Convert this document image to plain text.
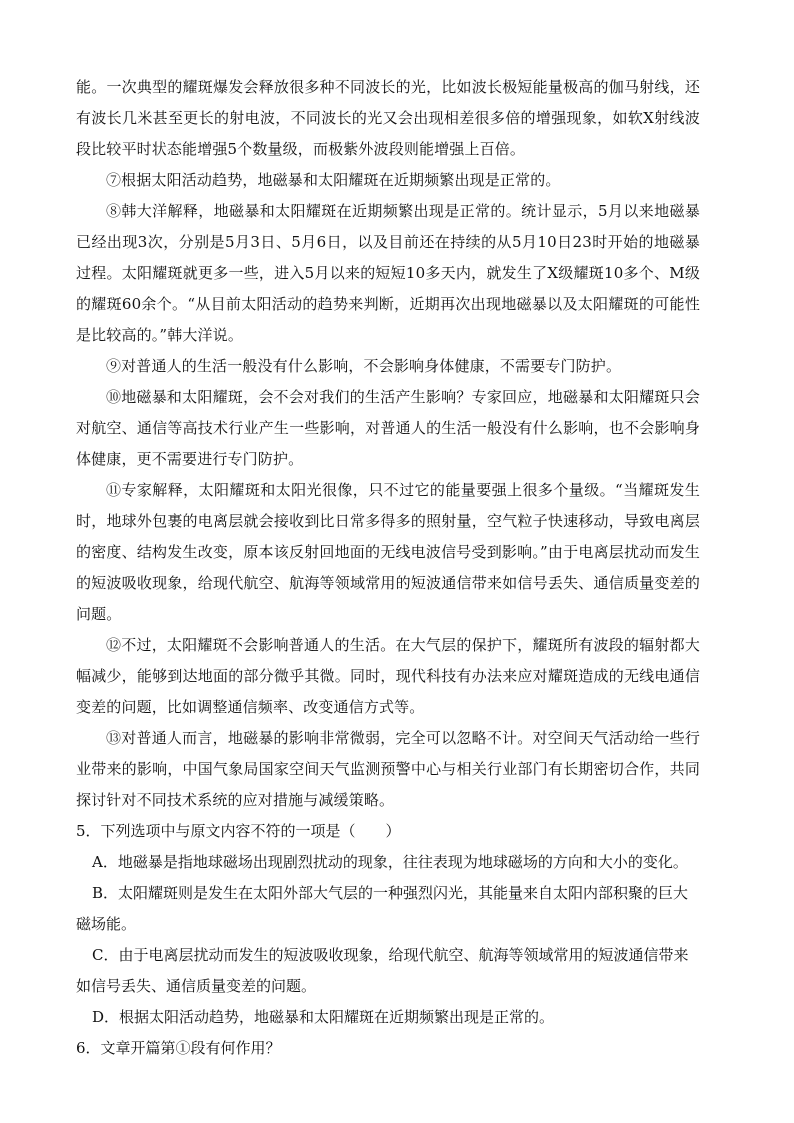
能。一次典型的耀斑爆发会释放很多种不同波长的光，比如波长极短能量极高的伽马射线，还有波长几米甚至更长的射电波，不同波长的光又会出现相差很多倍的增强现象，如软X射线波段比较平时状态能增强5个数量级，而极紫外波段则能增强上百倍。

⑦根据太阳活动趋势，地磁暴和太阳耀斑在近期频繁出现是正常的。

⑧韩大洋解释，地磁暴和太阳耀斑在近期频繁出现是正常的。统计显示，5月以来地磁暴已经出现3次，分别是5月3日、5月6日，以及目前还在持续的从5月10日23时开始的地磁暴过程。太阳耀斑就更多一些，进入5月以来的短短10多天内，就发生了X级耀斑10多个、M级的耀斑60余个。“从目前太阳活动的趋势来判断，近期再次出现地磁暴以及太阳耀斑的可能性是比较高的。”韩大洋说。

⑨对普通人的生活一般没有什么影响，不会影响身体健康，不需要专门防护。

⑩地磁暴和太阳耀斑，会不会对我们的生活产生影响？专家回应，地磁暴和太阳耀斑只会对航空、通信等高技术行业产生一些影响，对普通人的生活一般没有什么影响，也不会影响身体健康，更不需要进行专门防护。

⑪专家解释，太阳耀斑和太阳光很像，只不过它的能量要强上很多个量级。“当耀斑发生时，地球外包裹的电离层就会接收到比日常多得多的照射量，空气粒子快速移动，导致电离层的密度、结构发生改变，原本该反射回地面的无线电波信号受到影响。”由于电离层扰动而发生的短波吸收现象，给现代航空、航海等领域常用的短波通信带来如信号丢失、通信质量变差的问题。

⑫不过，太阳耀斑不会影响普通人的生活。在大气层的保护下，耀斑所有波段的辐射都大幅减少，能够到达地面的部分微乎其微。同时，现代科技有办法来应对耀斑造成的无线电通信变差的问题，比如调整通信频率、改变通信方式等。

⑬对普通人而言，地磁暴的影响非常微弱，完全可以忽略不计。对空间天气活动给一些行业带来的影响，中国气象局国家空间天气监测预警中心与相关行业部门有长期密切合作，共同探讨针对不同技术系统的应对措施与减缓策略。

5．下列选项中与原文内容不符的一项是（　　）

A．地磁暴是指地球磁场出现剧烈扰动的现象，往往表现为地球磁场的方向和大小的变化。

B．太阳耀斑则是发生在太阳外部大气层的一种强烈闪光，其能量来自太阳内部积聚的巨大磁场能。

C．由于电离层扰动而发生的短波吸收现象，给现代航空、航海等领域常用的短波通信带来如信号丢失、通信质量变差的问题。

D．根据太阳活动趋势，地磁暴和太阳耀斑在近期频繁出现是正常的。

6．文章开篇第①段有何作用？
